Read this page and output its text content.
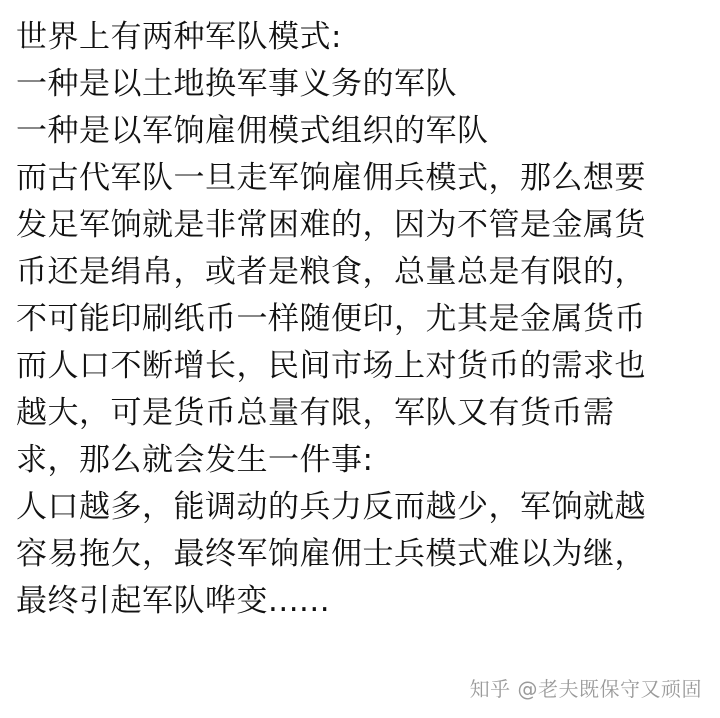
世界上有两种军队模式:
一种是以土地换军事义务的军队
一种是以军饷雇佣模式组织的军队
而古代军队一旦走军饷雇佣兵模式，那么想要
发足军饷就是非常困难的，因为不管是金属货
币还是绢帛，或者是粮食，总量总是有限的，
不可能印刷纸币一样随便印，尤其是金属货币
而人口不断增长，民间市场上对货币的需求也
越大，可是货币总量有限，军队又有货币需
求，那么就会发生一件事:
人口越多，能调动的兵力反而越少，军饷就越
容易拖欠，最终军饷雇佣士兵模式难以为继，
最终引起军队哗变......
知乎 @老夫既保守又顽固
